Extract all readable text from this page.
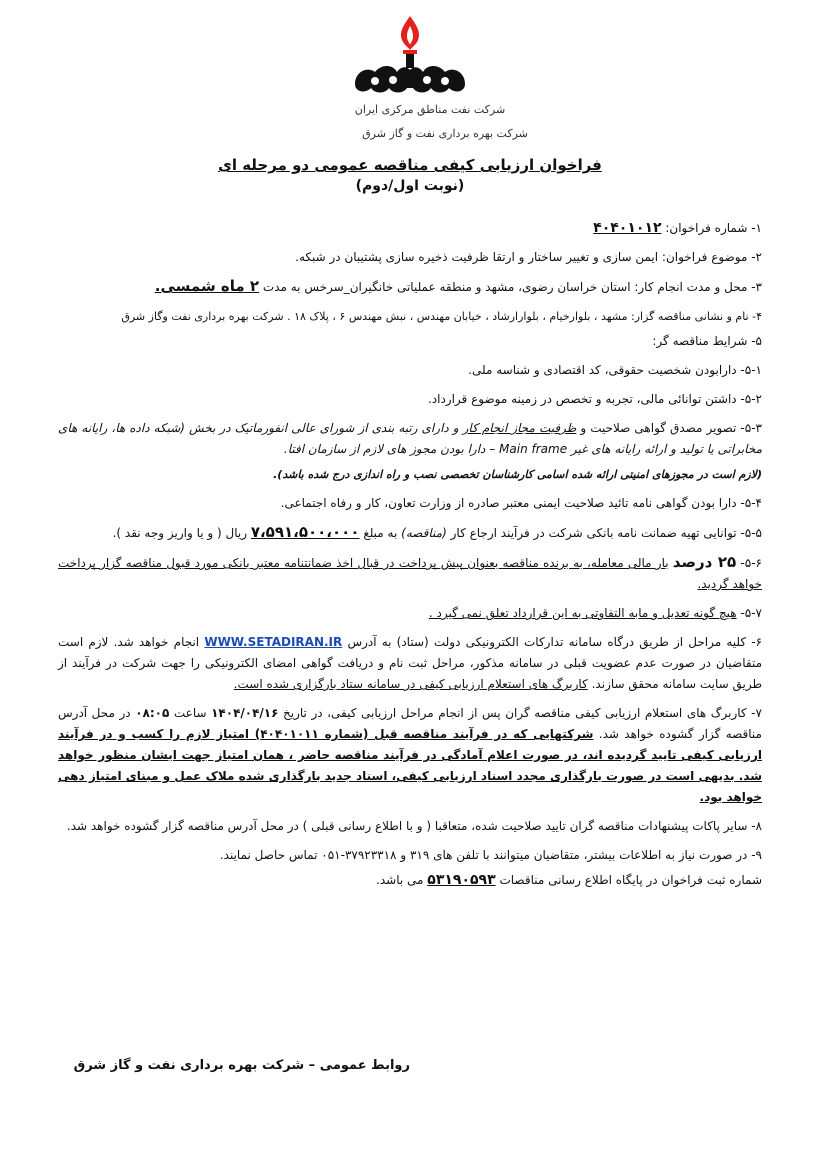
شرکت نفت مناطق مرکزی ایران
شرکت بهره برداری نفت و گاز شرق
فراخوان ارزیابی کیفی مناقصه عمومی دو مرحله ای
(نوبت اول/دوم)

۱- شماره فراخوان: ۴۰۴۰۱۰۱۲

۲- موضوع فراخوان: ایمن سازی و تغییر ساختار و ارتقا ظرفیت ذخیره سازی پشتیبان در شبکه.

۳- محل و مدت انجام کار: استان خراسان رضوی، مشهد و منطقه عملیاتی خانگیران_سرخس به مدت ۲ ماه شمسی.

۴- نام و نشانی مناقصه گزار: مشهد ، بلوارخیام ، بلوارارشاد ، خیابان مهندس ، نبش مهندس ۶ ، پلاک ۱۸ . شرکت بهره برداری نفت وگاز شرق

۵- شرایط مناقصه گر:

۵-۱- دارابودن شخصیت حقوقی، کد اقتصادی و شناسه ملی.

۵-۲- داشتن توانائی مالی، تجربه و تخصص در زمینه موضوع قرارداد.

۵-۳- تصویر مصدق گواهی صلاحیت و ظرفیت مجاز انجام کار و دارای رتبه بندی از شورای عالی انفورماتیک در بخش (شبکه داده ها، رایانه های مخابراتی یا تولید و ارائه رایانه های غیر Main frame – دارا بودن مجوز های لازم از سازمان افتا.

(لازم است در مجوزهای امنیتی ارائه شده اسامی کارشناسان تخصصی نصب و راه اندازی درج شده باشد).

۵-۴- دارا بودن گواهی نامه تائید صلاحیت ایمنی معتبر صادره از وزارت تعاون، کار و رفاه اجتماعی.

۵-۵- توانایی تهیه ضمانت نامه بانکی شرکت در فرآیند ارجاع کار (مناقصه) به مبلغ ۷،۵۹۱،۵۰۰،۰۰۰ ریال ( و یا واریز وجه نقد ).

۵-۶- ۲۵ درصد بار مالی معامله، به برنده مناقصه بعنوان پیش پرداخت در قبال اخذ ضمانتنامه معتبر بانکی مورد قبول مناقصه گزار پرداخت خواهد گردید.

۵-۷- هیچ گونه تعدیل و مابه التفاوتی به این قرارداد تعلق نمی گیرد .

۶- کلیه مراحل از طریق درگاه سامانه تدارکات الکترونیکی دولت (ستاد) به آدرس WWW.SETADIRAN.IR انجام خواهد شد. لازم است متقاضیان در صورت عدم عضویت قبلی در سامانه مذکور، مراحل ثبت نام و دریافت گواهی امضای الکترونیکی را جهت شرکت در فرآیند از طریق سایت سامانه محقق سازند. کاربرگ های استعلام ارزیابی کیفی در سامانه ستاد بارگزاری شده است.

۷- کاربرگ های استعلام ارزیابی کیفی مناقصه گران پس از انجام مراحل ارزیابی کیفی، در تاریخ ۱۴۰۴/۰۴/۱۶ ساعت ۰۸:۰۵ در محل آدرس مناقصه گزار گشوده خواهد شد. شرکتهایی که در فرآیند مناقصه قبل (شماره ۴۰۴۰۱۰۱۱) امتیاز لازم را کسب و در فرآیند ارزیابی کیفی تایید گردیده اند، در صورت اعلام آمادگی در فرآیند مناقصه حاضر ، همان امتیاز جهت ایشان منظور خواهد شد. بدیهی است در صورت بارگذاری مجدد اسناد ارزیابی کیفی، اسناد جدید بارگذاری شده ملاک عمل و مبنای امتیاز دهی خواهد بود.

۸- سایر پاکات پیشنهادات مناقصه گران تایید صلاحیت شده، متعاقبا ( و با اطلاع رسانی قبلی ) در محل آدرس مناقصه گزار گشوده خواهد شد.

۹- در صورت نیاز به اطلاعات بیشتر، متقاضیان میتوانند با تلفن های ۳۱۹ و ۳۷۹۲۳۳۱۸-۰۵۱ تماس حاصل نمایند.

شماره ثبت فراخوان در پایگاه اطلاع رسانی مناقصات ۵۳۱۹۰۵۹۳ می باشد.

روابط عمومی – شرکت بهره برداری نفت و گاز شرق
